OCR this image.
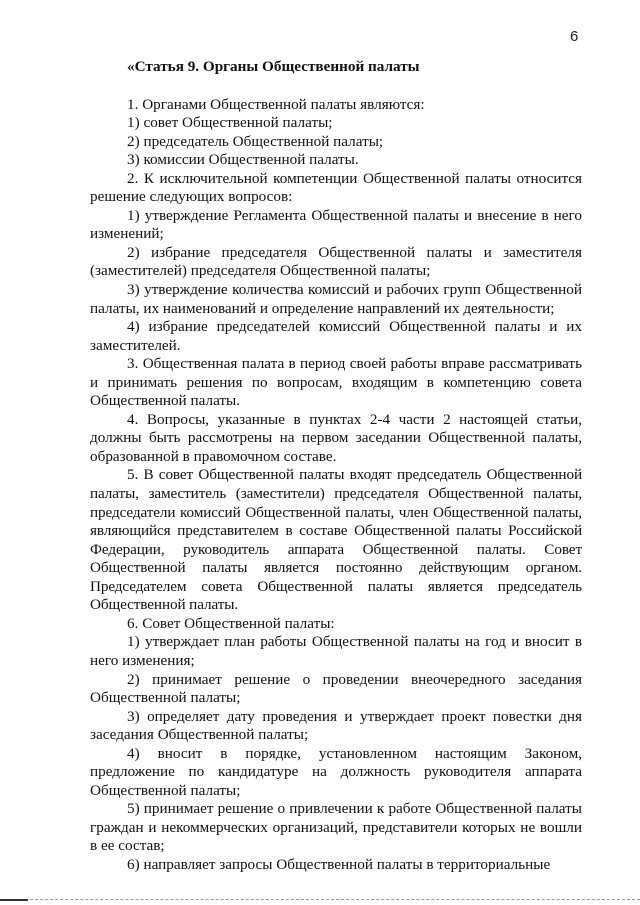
6
«Статья 9. Органы Общественной палаты

1. Органами Общественной палаты являются:

1) совет Общественной палаты;

2) председатель Общественной палаты;

3) комиссии Общественной палаты.

2. К исключительной компетенции Общественной палаты относится решение следующих вопросов:

1) утверждение Регламента Общественной палаты и внесение в него изменений;

2) избрание председателя Общественной палаты и заместителя (заместителей) председателя Общественной палаты;

3) утверждение количества комиссий и рабочих групп Общественной палаты, их наименований и определение направлений их деятельности;

4) избрание председателей комиссий Общественной палаты и их заместителей.

3. Общественная палата в период своей работы вправе рассматривать и принимать решения по вопросам, входящим в компетенцию совета Общественной палаты.

4. Вопросы, указанные в пунктах 2-4 части 2 настоящей статьи, должны быть рассмотрены на первом заседании Общественной палаты, образованной в правомочном составе.

5. В совет Общественной палаты входят председатель Общественной палаты, заместитель (заместители) председателя Общественной палаты, председатели комиссий Общественной палаты, член Общественной палаты, являющийся представителем в составе Общественной палаты Российской Федерации, руководитель аппарата Общественной палаты. Совет Общественной палаты является постоянно действующим органом. Председателем совета Общественной палаты является председатель Общественной палаты.

6. Совет Общественной палаты:

1) утверждает план работы Общественной палаты на год и вносит в него изменения;

2) принимает решение о проведении внеочередного заседания Общественной палаты;

3) определяет дату проведения и утверждает проект повестки дня заседания Общественной палаты;

4) вносит в порядке, установленном настоящим Законом, предложение по кандидатуре на должность руководителя аппарата Общественной палаты;

5) принимает решение о привлечении к работе Общественной палаты граждан и некоммерческих организаций, представители которых не вошли в ее состав;

6) направляет запросы Общественной палаты в территориальные
